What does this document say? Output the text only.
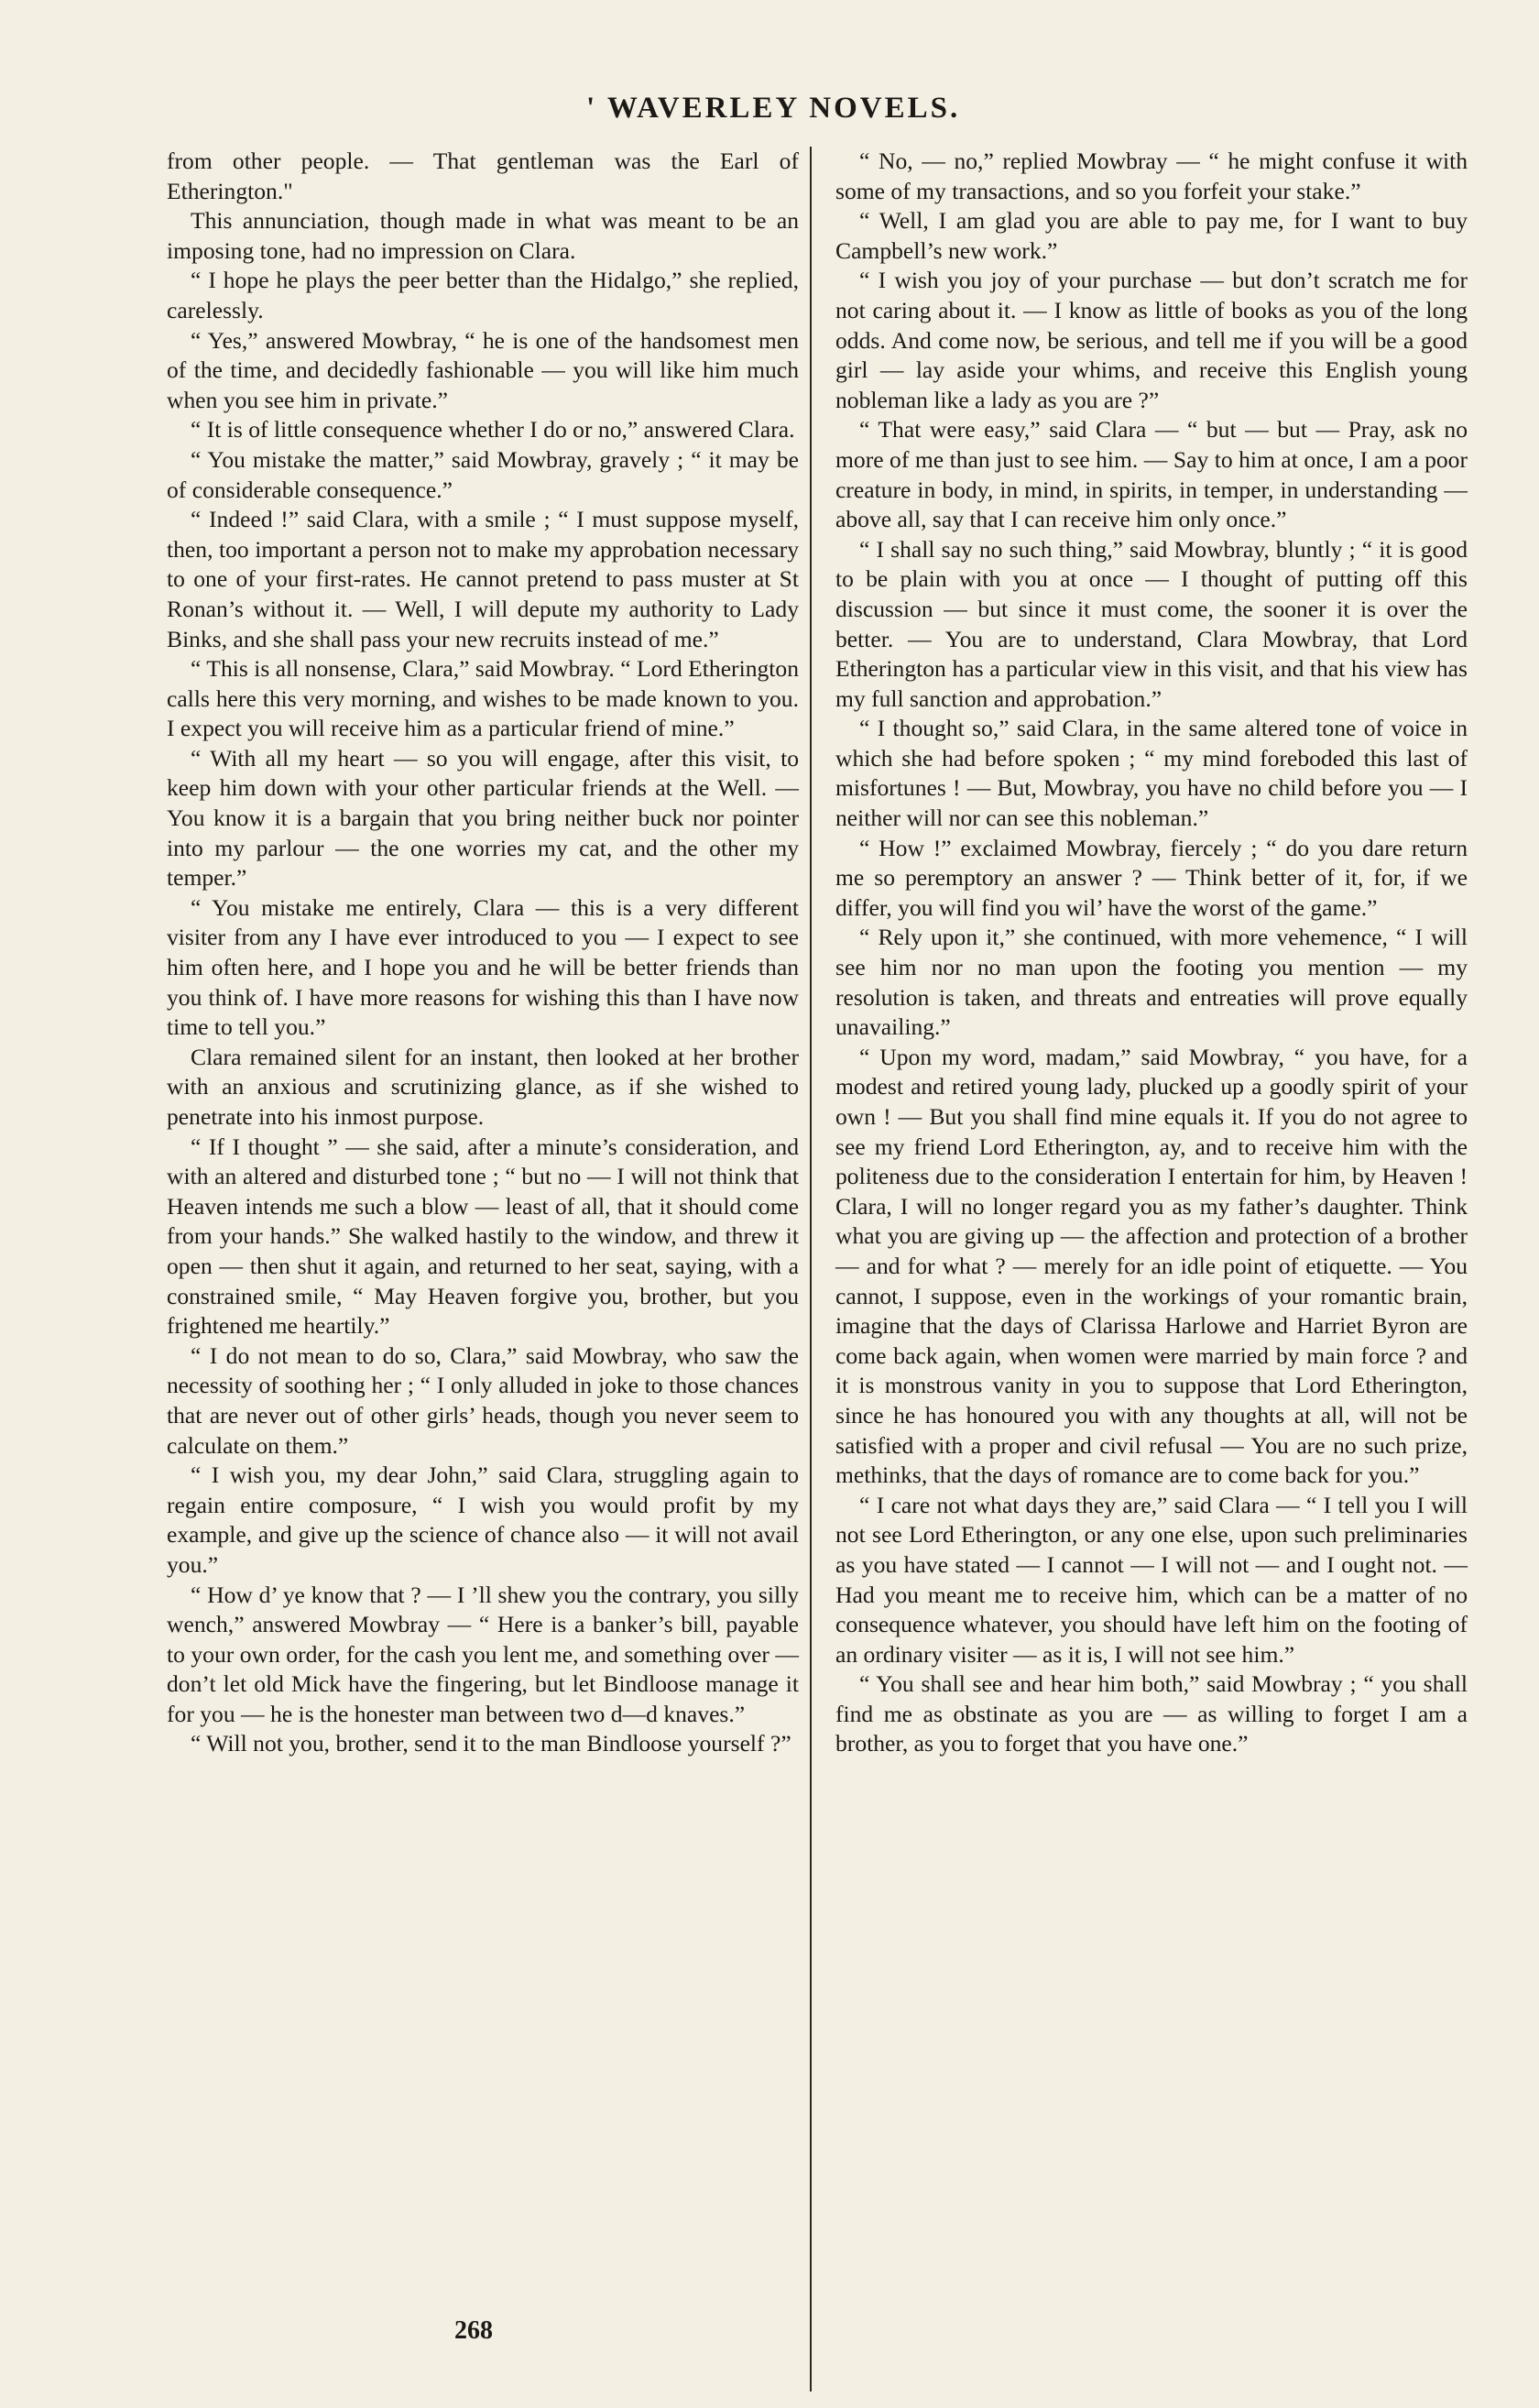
' WAVERLEY NOVELS.

from other people. — That gentleman was the Earl of Etherington."

This annunciation, though made in what was meant to be an imposing tone, had no impression on Clara.

“ I hope he plays the peer better than the Hidalgo,” she replied, carelessly.

“ Yes,” answered Mowbray, “ he is one of the handsomest men of the time, and decidedly fashionable — you will like him much when you see him in private.”

“ It is of little consequence whether I do or no,” answered Clara.

“ You mistake the matter,” said Mowbray, gravely ; “ it may be of considerable consequence.”

“ Indeed !” said Clara, with a smile ; “ I must suppose myself, then, too important a person not to make my approbation necessary to one of your first-rates. He cannot pretend to pass muster at St Ronan’s without it. — Well, I will depute my authority to Lady Binks, and she shall pass your new recruits instead of me.”

“ This is all nonsense, Clara,” said Mowbray. “ Lord Etherington calls here this very morning, and wishes to be made known to you. I expect you will receive him as a particular friend of mine.”

“ With all my heart — so you will engage, after this visit, to keep him down with your other particular friends at the Well. — You know it is a bargain that you bring neither buck nor pointer into my parlour — the one worries my cat, and the other my temper.”

“ You mistake me entirely, Clara — this is a very different visiter from any I have ever introduced to you — I expect to see him often here, and I hope you and he will be better friends than you think of. I have more reasons for wishing this than I have now time to tell you.”

Clara remained silent for an instant, then looked at her brother with an anxious and scrutinizing glance, as if she wished to penetrate into his inmost purpose.

“ If I thought ” — she said, after a minute’s consideration, and with an altered and disturbed tone ; “ but no — I will not think that Heaven intends me such a blow — least of all, that it should come from your hands.” She walked hastily to the window, and threw it open — then shut it again, and returned to her seat, saying, with a constrained smile, “ May Heaven forgive you, brother, but you frightened me heartily.”

“ I do not mean to do so, Clara,” said Mowbray, who saw the necessity of soothing her ; “ I only alluded in joke to those chances that are never out of other girls’ heads, though you never seem to calculate on them.”

“ I wish you, my dear John,” said Clara, struggling again to regain entire composure, “ I wish you would profit by my example, and give up the science of chance also — it will not avail you.”

“ How d’ ye know that ? — I ’ll shew you the contrary, you silly wench,” answered Mowbray — “ Here is a banker’s bill, payable to your own order, for the cash you lent me, and something over — don’t let old Mick have the fingering, but let Bindloose manage it for you — he is the honester man between two d—d knaves.”

“ Will not you, brother, send it to the man Bindloose yourself ?”

“ No, — no,” replied Mowbray — “ he might confuse it with some of my transactions, and so you forfeit your stake.”

“ Well, I am glad you are able to pay me, for I want to buy Campbell’s new work.”

“ I wish you joy of your purchase — but don’t scratch me for not caring about it. — I know as little of books as you of the long odds. And come now, be serious, and tell me if you will be a good girl — lay aside your whims, and receive this English young nobleman like a lady as you are ?”

“ That were easy,” said Clara — “ but — but — Pray, ask no more of me than just to see him. — Say to him at once, I am a poor creature in body, in mind, in spirits, in temper, in understanding — above all, say that I can receive him only once.”

“ I shall say no such thing,” said Mowbray, bluntly ; “ it is good to be plain with you at once — I thought of putting off this discussion — but since it must come, the sooner it is over the better. — You are to understand, Clara Mowbray, that Lord Etherington has a particular view in this visit, and that his view has my full sanction and approbation.”

“ I thought so,” said Clara, in the same altered tone of voice in which she had before spoken ; “ my mind foreboded this last of misfortunes ! — But, Mowbray, you have no child before you — I neither will nor can see this nobleman.”

“ How !” exclaimed Mowbray, fiercely ; “ do you dare return me so peremptory an answer ? — Think better of it, for, if we differ, you will find you wil’ have the worst of the game.”

“ Rely upon it,” she continued, with more vehemence, “ I will see him nor no man upon the footing you mention — my resolution is taken, and threats and entreaties will prove equally unavailing.”

“ Upon my word, madam,” said Mowbray, “ you have, for a modest and retired young lady, plucked up a goodly spirit of your own ! — But you shall find mine equals it. If you do not agree to see my friend Lord Etherington, ay, and to receive him with the politeness due to the consideration I entertain for him, by Heaven ! Clara, I will no longer regard you as my father’s daughter. Think what you are giving up — the affection and protection of a brother — and for what ? — merely for an idle point of etiquette. — You cannot, I suppose, even in the workings of your romantic brain, imagine that the days of Clarissa Harlowe and Harriet Byron are come back again, when women were married by main force ? and it is monstrous vanity in you to suppose that Lord Etherington, since he has honoured you with any thoughts at all, will not be satisfied with a proper and civil refusal — You are no such prize, methinks, that the days of romance are to come back for you.”

“ I care not what days they are,” said Clara — “ I tell you I will not see Lord Etherington, or any one else, upon such preliminaries as you have stated — I cannot — I will not — and I ought not. — Had you meant me to receive him, which can be a matter of no consequence whatever, you should have left him on the footing of an ordinary visiter — as it is, I will not see him.”

“ You shall see and hear him both,” said Mowbray ; “ you shall find me as obstinate as you are — as willing to forget I am a brother, as you to forget that you have one.”

268
